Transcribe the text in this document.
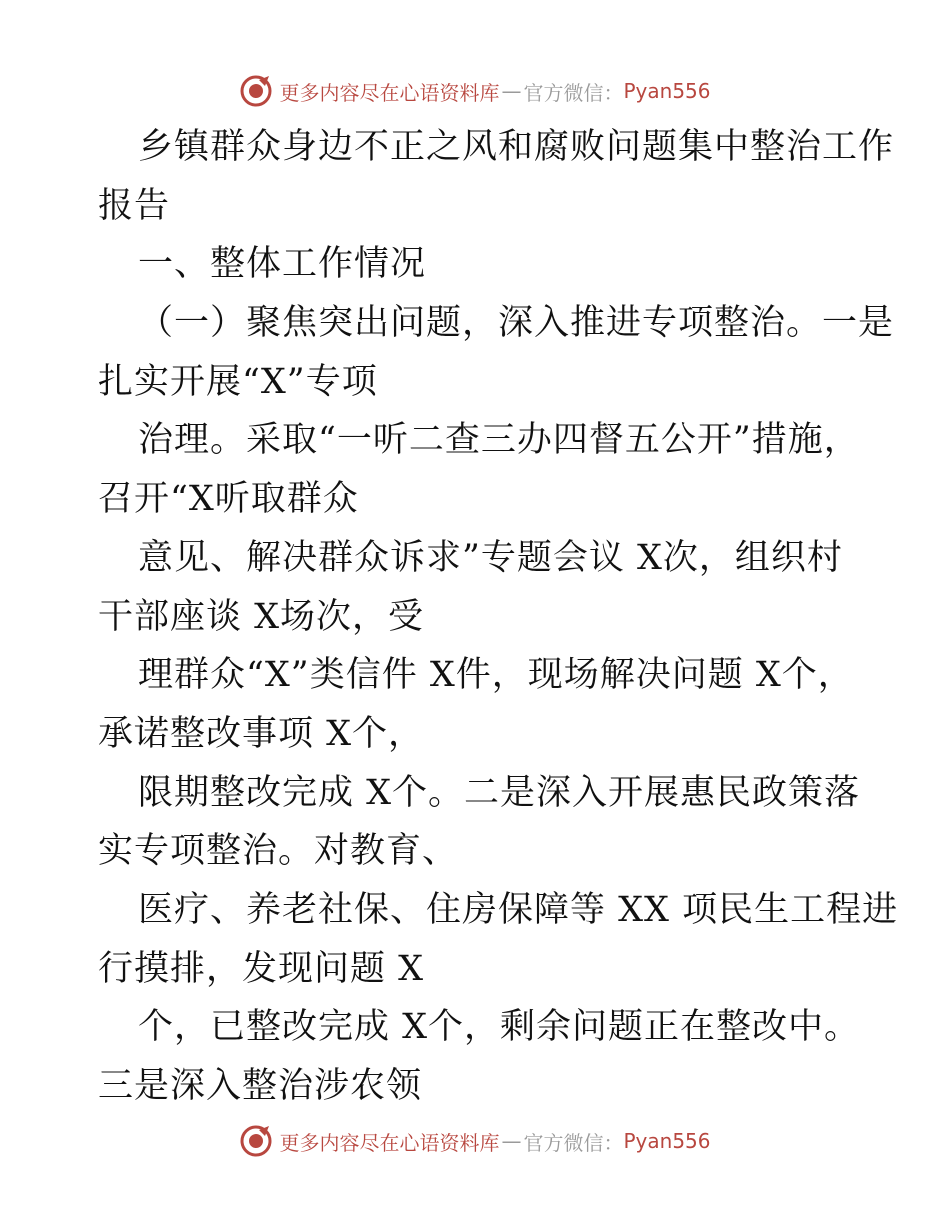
更多内容尽在心语资料库 — 官方微信： Pyan556
乡镇群众身边不正之风和腐败问题集中整治工作
报告
一、整体工作情况
（一）聚焦突出问题，深入推进专项整治。一是
扎实开展“X”专项
治理。采取“一听二查三办四督五公开”措施，
召开“X听取群众
意见、解决群众诉求”专题会议 X次，组织村
干部座谈 X场次，受
理群众“X”类信件 X件，现场解决问题 X个，
承诺整改事项 X个，
限期整改完成 X个。二是深入开展惠民政策落
实专项整治。对教育、
医疗、养老社保、住房保障等 XX 项民生工程进
行摸排，发现问题 X
个，已整改完成 X个，剩余问题正在整改中。
三是深入整治涉农领
更多内容尽在心语资料库 — 官方微信： Pyan556
